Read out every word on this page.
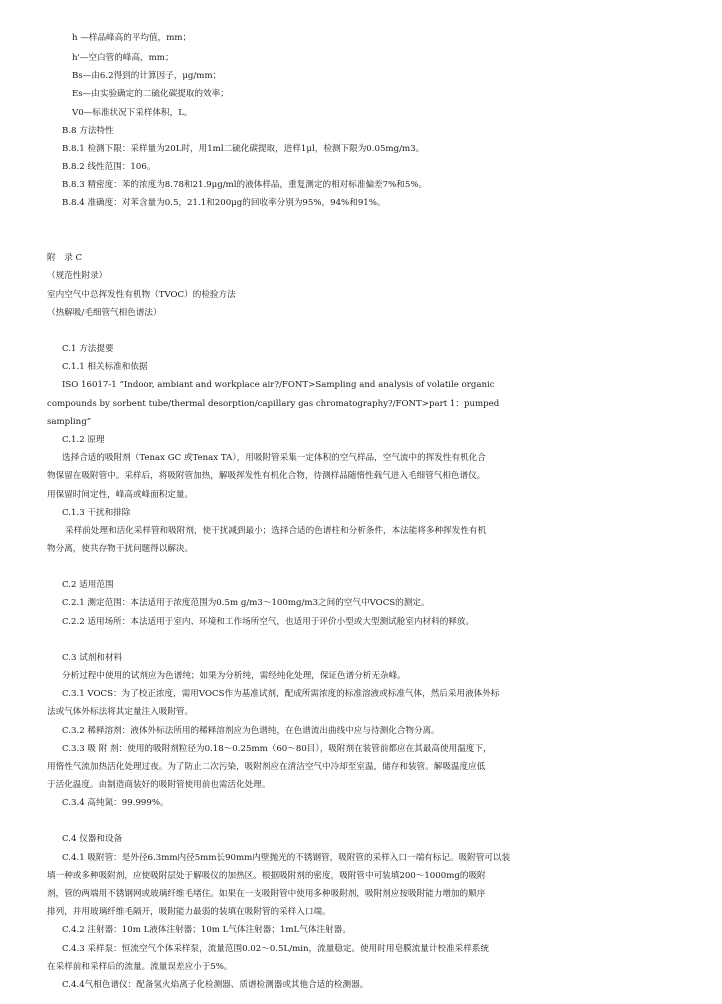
h —样品峰高的平均值，mm；

h'—空白管的峰高，mm；

Bs—由6.2得到的计算因子，μg/mm；

Es—由实验确定的二硫化碳提取的效率；

V0—标准状况下采样体积，L。

B.8 方法特性

B.8.1 检测下限：采样量为20L时，用1ml二硫化碳提取，进样1μl，检测下限为0.05mg/m3。

B.8.2 线性范围：106。

B.8.3 精密度：苯的浓度为8.78和21.9μg/ml的液体样品，重复测定的相对标准偏差7%和5%。

B.8.4 准确度：对苯含量为0.5，21.1和200μg的回收率分别为95%，94%和91%。

附　录 C

（规范性附录）

室内空气中总挥发性有机物（TVOC）的检验方法

（热解吸/毛细管气相色谱法）

C.1 方法提要

C.1.1 相关标准和依据

ISO 16017-1 “Indoor, ambiant and workplace air?/FONT>Sampling and analysis of volatile organic

compounds by sorbent tube/thermal desorption/capillary gas chromatography?/FONT>part 1：pumped

sampling”

C.1.2 原理

选择合适的吸附剂（Tenax GC 或Tenax TA），用吸附管采集一定体积的空气样品，空气流中的挥发性有机化合

物保留在吸附管中。采样后，将吸附管加热，解吸挥发性有机化合物，待测样品随惰性载气进入毛细管气相色谱仪。

用保留时间定性，峰高或峰面积定量。

C.1.3 干扰和排除

采样前处理和活化采样管和吸附剂，使干扰减到最小；选择合适的色谱柱和分析条件，本法能将多种挥发性有机

物分离，使共存物干扰问题得以解决。

C.2 适用范围

C.2.1 测定范围：本法适用于浓度范围为0.5m g/m3～100mg/m3之间的空气中VOCS的测定。

C.2.2 适用场所：本法适用于室内、环境和工作场所空气，也适用于评价小型或大型测试舱室内材料的释放。

C.3 试剂和材料

分析过程中使用的试剂应为色谱纯；如果为分析纯，需经纯化处理，保证色谱分析无杂峰。

C.3.1 VOCS：为了校正浓度，需用VOCS作为基准试剂，配成所需浓度的标准溶液或标准气体，然后采用液体外标

法或气体外标法将其定量注入吸附管。

C.3.2 稀释溶剂：液体外标法所用的稀释溶剂应为色谱纯，在色谱流出曲线中应与待测化合物分离。

C.3.3 吸 附 剂：使用的吸附剂粒径为0.18～0.25mm（60～80目），吸附剂在装管前都应在其最高使用温度下，

用惰性气流加热活化处理过夜。为了防止二次污染，吸附剂应在清洁空气中冷却至室温，储存和装管。解吸温度应低

于活化温度。由制造商装好的吸附管使用前也需活化处理。

C.3.4 高纯氮：99.999%。

C.4 仪器和设备

C.4.1 吸附管：是外径6.3mm内径5mm长90mm内壁抛光的不锈钢管，吸附管的采样入口一端有标记。吸附管可以装

填一种或多种吸附剂，应使吸附层处于解吸仪的加热区。根据吸附剂的密度，吸附管中可装填200～1000mg的吸附

剂，管的两端用不锈钢网或玻璃纤维毛堵住。如果在一支吸附管中使用多种吸附剂，吸附剂应按吸附能力增加的顺序

排列，并用玻璃纤维毛隔开，吸附能力最弱的装填在吸附管的采样入口端。

C.4.2 注射器：10m L液体注射器；10m L气体注射器；1mL气体注射器。

C.4.3 采样泵：恒流空气个体采样泵，流量范围0.02～0.5L/min，流量稳定。使用时用皂膜流量计校准采样系统

在采样前和采样后的流量。流量误差应小于5%。

C.4.4气相色谱仪：配备氢火焰离子化检测器、质谱检测器或其他合适的检测器。
